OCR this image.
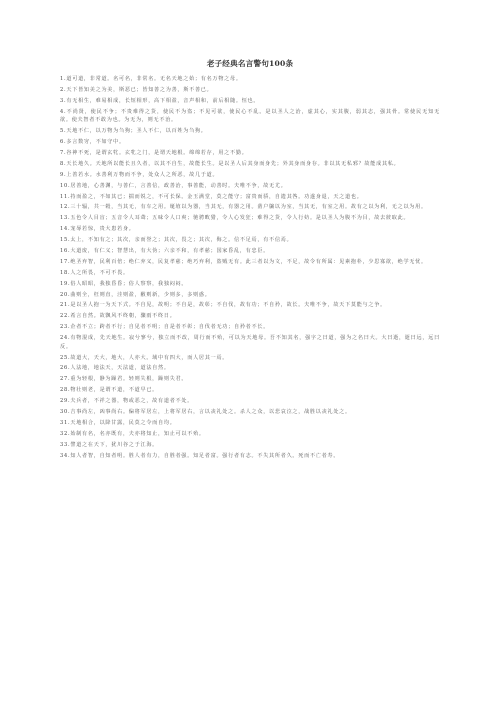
老子经典名言警句100条

1.道可道，非常道。名可名，非常名。无名天地之始；有名万物之母。

2.天下皆知美之为美，斯恶已；皆知善之为善，斯不善已。

3.有无相生，难易相成，长短相形，高下相盈，音声相和，前后相随。恒也。

4.不尚贤，使民不争；不贵难得之货，使民不为盗；不见可欲，使民心不乱。是以圣人之治，虚其心，实其腹，弱其志，强其骨。常使民无知无欲。使夫智者不敢为也。为无为，则无不治。

5.天地不仁，以万物为刍狗；圣人不仁，以百姓为刍狗。

6.多言数穷，不如守中。

7.谷神不死，是谓玄牝。玄牝之门，是谓天地根。绵绵若存，用之不勤。

8.天长地久。天地所以能长且久者，以其不自生，故能长生。是以圣人后其身而身先；外其身而身存。非以其无私邪？故能成其私。

9.上善若水。水善利万物而不争，处众人之所恶，故几于道。

10.居善地，心善渊，与善仁，言善信，政善治，事善能，动善时。夫唯不争，故无尤。

11.持而盈之，不如其已；揣而锐之，不可长保。金玉满堂，莫之能守；富贵而骄，自遗其咎。功遂身退，天之道也。

12.三十辐，共一毂，当其无，有车之用。埏埴以为器，当其无，有器之用。凿户牖以为室，当其无，有室之用。故有之以为利，无之以为用。

13.五色令人目盲；五音令人耳聋；五味令人口爽；驰骋畋猎，令人心发狂；难得之货，令人行妨。是以圣人为腹不为目，故去彼取此。

14.宠辱若惊，贵大患若身。

15.太上，不知有之；其次，亲而誉之；其次，畏之；其次，侮之。信不足焉，有不信焉。

16.大道废，有仁义；智慧出，有大伪；六亲不和，有孝慈；国家昏乱，有忠臣。

17.绝圣弃智，民利百倍；绝仁弃义，民复孝慈；绝巧弃利，盗贼无有。此三者以为文，不足，故令有所属：见素抱朴，少思寡欲，绝学无忧。

18.人之所畏，不可不畏。

19.俗人昭昭，我独昏昏；俗人察察，我独闷闷。

20.曲则全，枉则直，洼则盈，敝则新，少则多，多则惑。

21.是以圣人抱一为天下式。不自见，故明；不自是，故彰；不自伐，故有功；不自矜，故长。夫唯不争，故天下莫能与之争。

22.希言自然。故飘风不终朝，骤雨不终日。

23.企者不立；跨者不行；自见者不明；自是者不彰；自伐者无功；自矜者不长。

24.有物混成，先天地生。寂兮寥兮，独立而不改，周行而不殆，可以为天地母。吾不知其名，强字之曰道，强为之名曰大。大曰逝，逝曰远，远曰反。

25.故道大，天大，地大，人亦大。域中有四大，而人居其一焉。

26.人法地，地法天，天法道，道法自然。

27.重为轻根，静为躁君。轻则失根，躁则失君。

28.物壮则老，是谓不道，不道早已。

29.夫兵者，不祥之器，物或恶之，故有道者不处。

30.吉事尚左，凶事尚右。偏将军居左，上将军居右，言以丧礼处之。杀人之众，以悲哀泣之，战胜以丧礼处之。

31.天地相合，以降甘露，民莫之令而自均。

32.始制有名，名亦既有，夫亦将知止，知止可以不殆。

33.譬道之在天下，犹川谷之于江海。

34.知人者智，自知者明。胜人者有力，自胜者强。知足者富。强行者有志。不失其所者久。死而不亡者寿。
